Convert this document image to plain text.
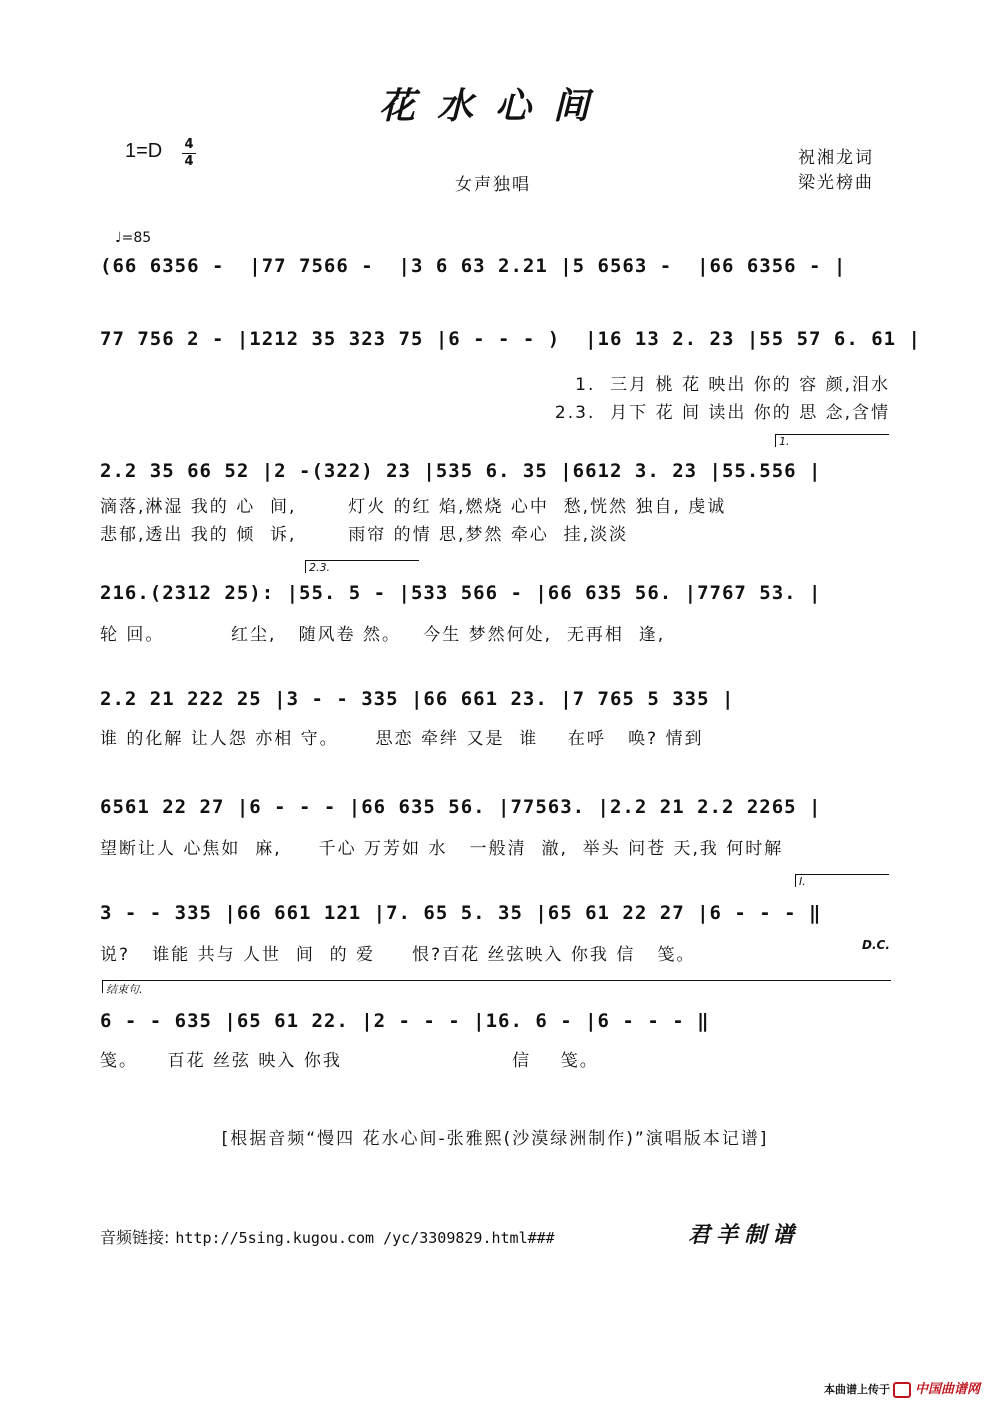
花水心间
1=D 4
4	祝湘龙词
梁光榜曲
女声独唱
♩=85
(66 6356 -  |77 7566 -  |3 6 63 2.21 |5 6563 -  |66 6356 - |
77 756 2 - |1212 35 323 75 |6 - - - )  |16 13 2. 23 |55 57 6. 61 |
1.  三月 桃 花 映出 你的 容 颜,泪水
2.3.  月下 花 间 读出 你的 思 念,含情
1.
2.2 35 66 52 |2 -(322) 23 |535 6. 35 |6612 3. 23 |55.556 |
滴落,淋湿 我的 心  间,       灯火 的红 焰,燃烧 心中  愁,恍然 独自, 虔诚
悲郁,透出 我的 倾  诉,       雨帘 的情 思,梦然 牵心  挂,淡淡
2.3.
216.(2312 25): |55. 5 - |533 566 - |66 635 56. |7767 53. |
轮 回。         红尘,   随风卷 然。   今生 梦然何处,  无再相  逢,
2.2 21 222 25 |3 - - 335 |66 661 23. |7 765 5 335 |
谁 的化解 让人怨 亦相 守。     思恋 牵绊 又是  谁    在呼   唤? 情到
6561 22 27 |6 - - - |66 635 56. |77563. |2.2 21 2.2 2265 |
望断让人 心焦如  麻,     千心 万芳如 水   一般清  澈,  举头 问苍 天,我 何时解
I.
3 - - 335 |66 661 121 |7. 65 5. 35 |65 61 22 27 |6 - - - ‖
说?   谁能 共与 人世  间  的 爱     恨?百花 丝弦映入 你我 信   笺。	D.C.
结束句.
6 - - 635 |65 61 22. |2 - - - |16. 6 - |6 - - - ‖
笺。    百花 丝弦 映入 你我                       信    笺。
[根据音频“慢四 花水心间-张雅熙(沙漠绿洲制作)”演唱版本记谱]
音频链接: http://5sing.kugou.com /yc/3309829.html###	君羊制谱
本曲谱上传于 中国曲谱网
